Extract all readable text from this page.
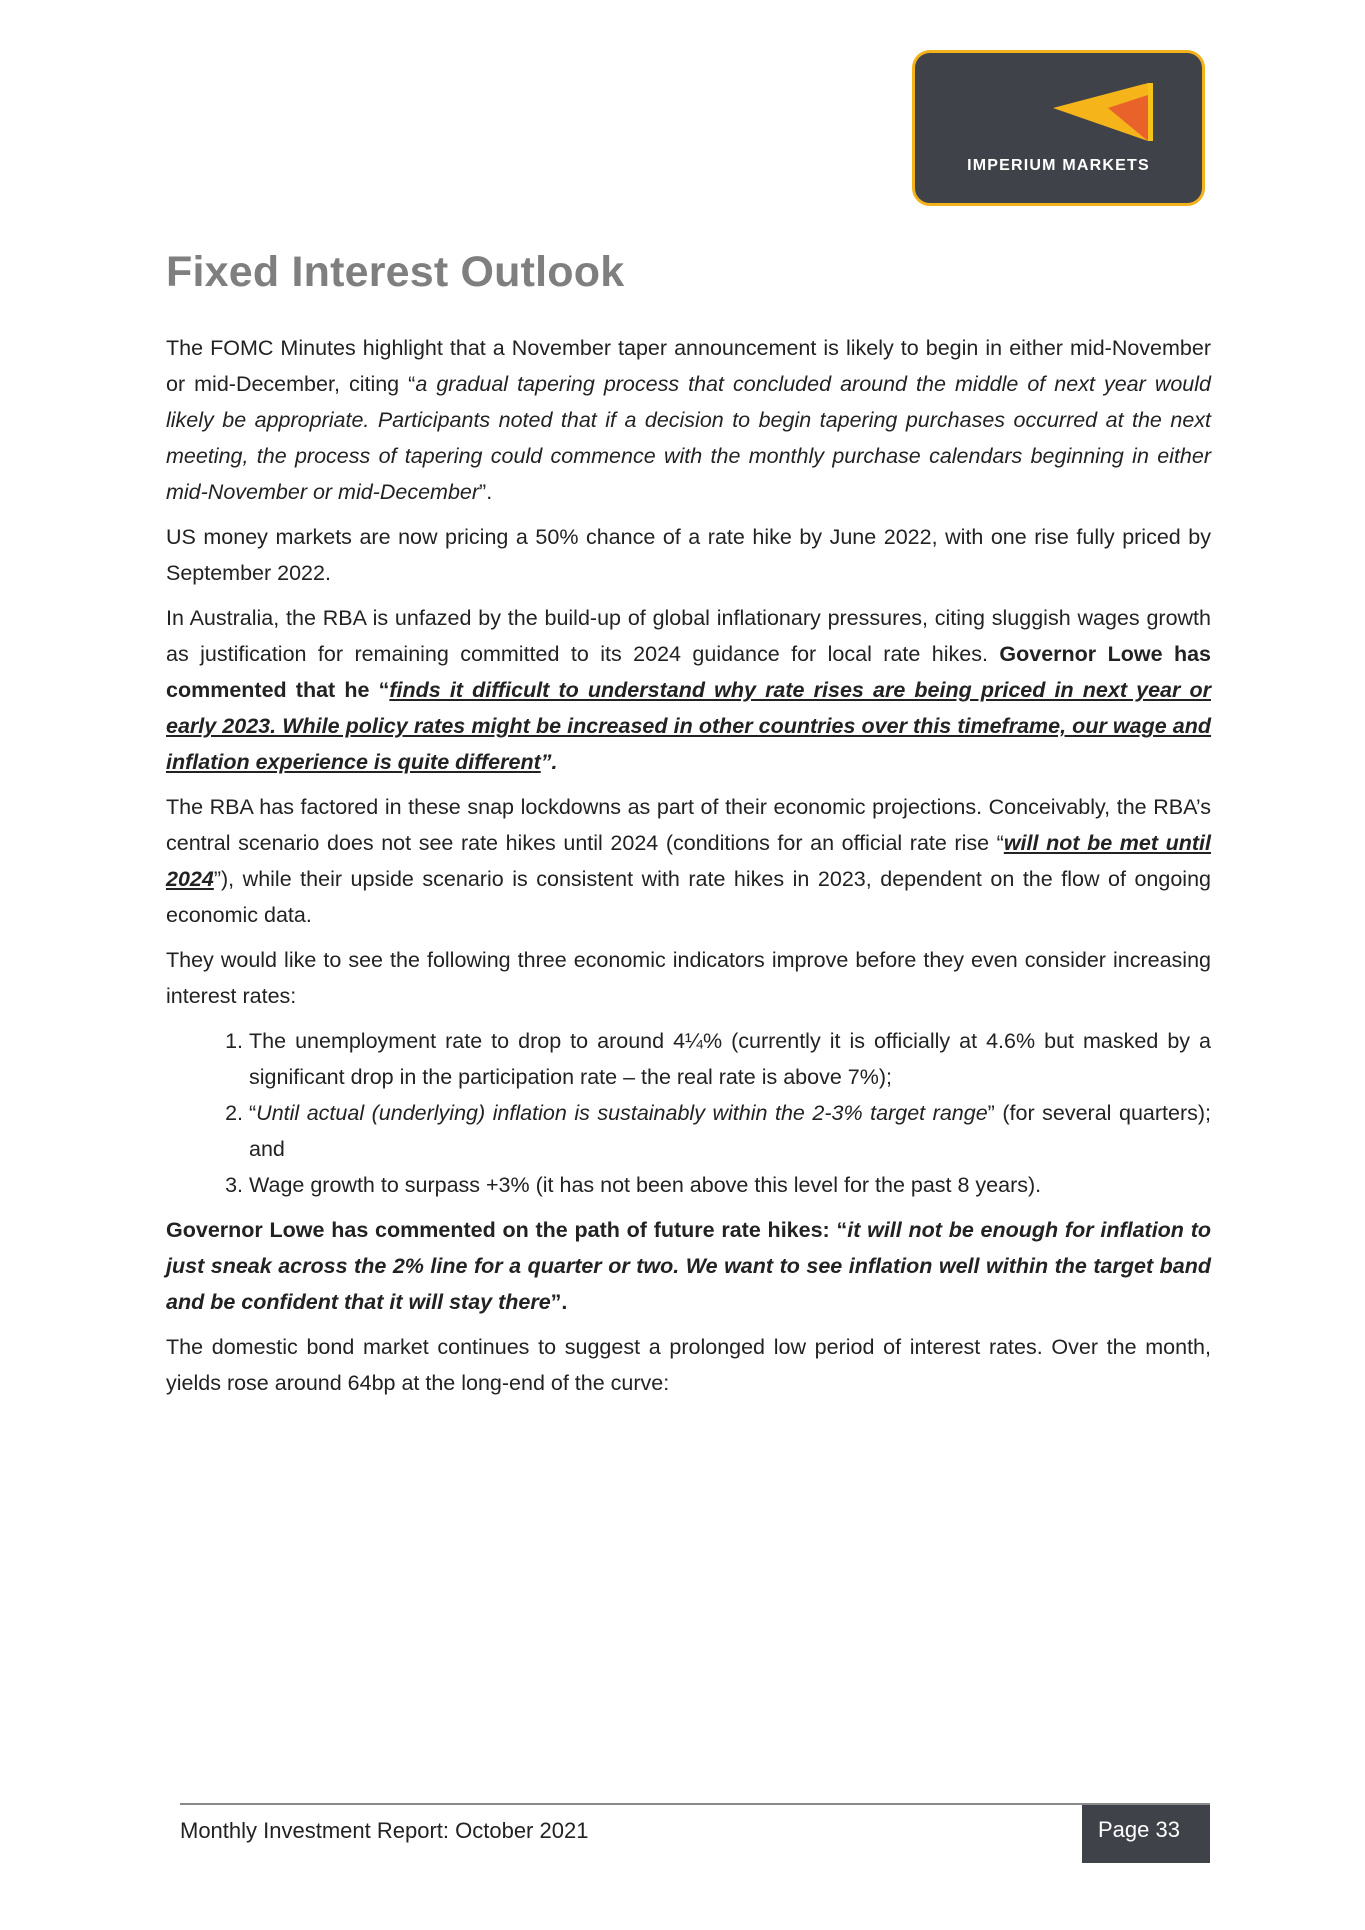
IMPERIUM MARKETS
Fixed Interest Outlook

The FOMC Minutes highlight that a November taper announcement is likely to begin in either mid-November or mid-December, citing “a gradual tapering process that concluded around the middle of next year would likely be appropriate. Participants noted that if a decision to begin tapering purchases occurred at the next meeting, the process of tapering could commence with the monthly purchase calendars beginning in either mid-November or mid-December”.

US money markets are now pricing a 50% chance of a rate hike by June 2022, with one rise fully priced by September 2022.

In Australia, the RBA is unfazed by the build-up of global inflationary pressures, citing sluggish wages growth as justification for remaining committed to its 2024 guidance for local rate hikes. Governor Lowe has commented that he “finds it difficult to understand why rate rises are being priced in next year or early 2023. While policy rates might be increased in other countries over this timeframe, our wage and inflation experience is quite different”.

The RBA has factored in these snap lockdowns as part of their economic projections. Conceivably, the RBA’s central scenario does not see rate hikes until 2024 (conditions for an official rate rise “will not be met until 2024”), while their upside scenario is consistent with rate hikes in 2023, dependent on the flow of ongoing economic data.

They would like to see the following three economic indicators improve before they even consider increasing interest rates:

1. The unemployment rate to drop to around 4¼% (currently it is officially at 4.6% but masked by a significant drop in the participation rate – the real rate is above 7%);
2. “Until actual (underlying) inflation is sustainably within the 2-3% target range” (for several quarters); and
3. Wage growth to surpass +3% (it has not been above this level for the past 8 years).

Governor Lowe has commented on the path of future rate hikes: “it will not be enough for inflation to just sneak across the 2% line for a quarter or two. We want to see inflation well within the target band and be confident that it will stay there”.

The domestic bond market continues to suggest a prolonged low period of interest rates. Over the month, yields rose around 64bp at the long-end of the curve:

Monthly Investment Report: October 2021	Page 33
